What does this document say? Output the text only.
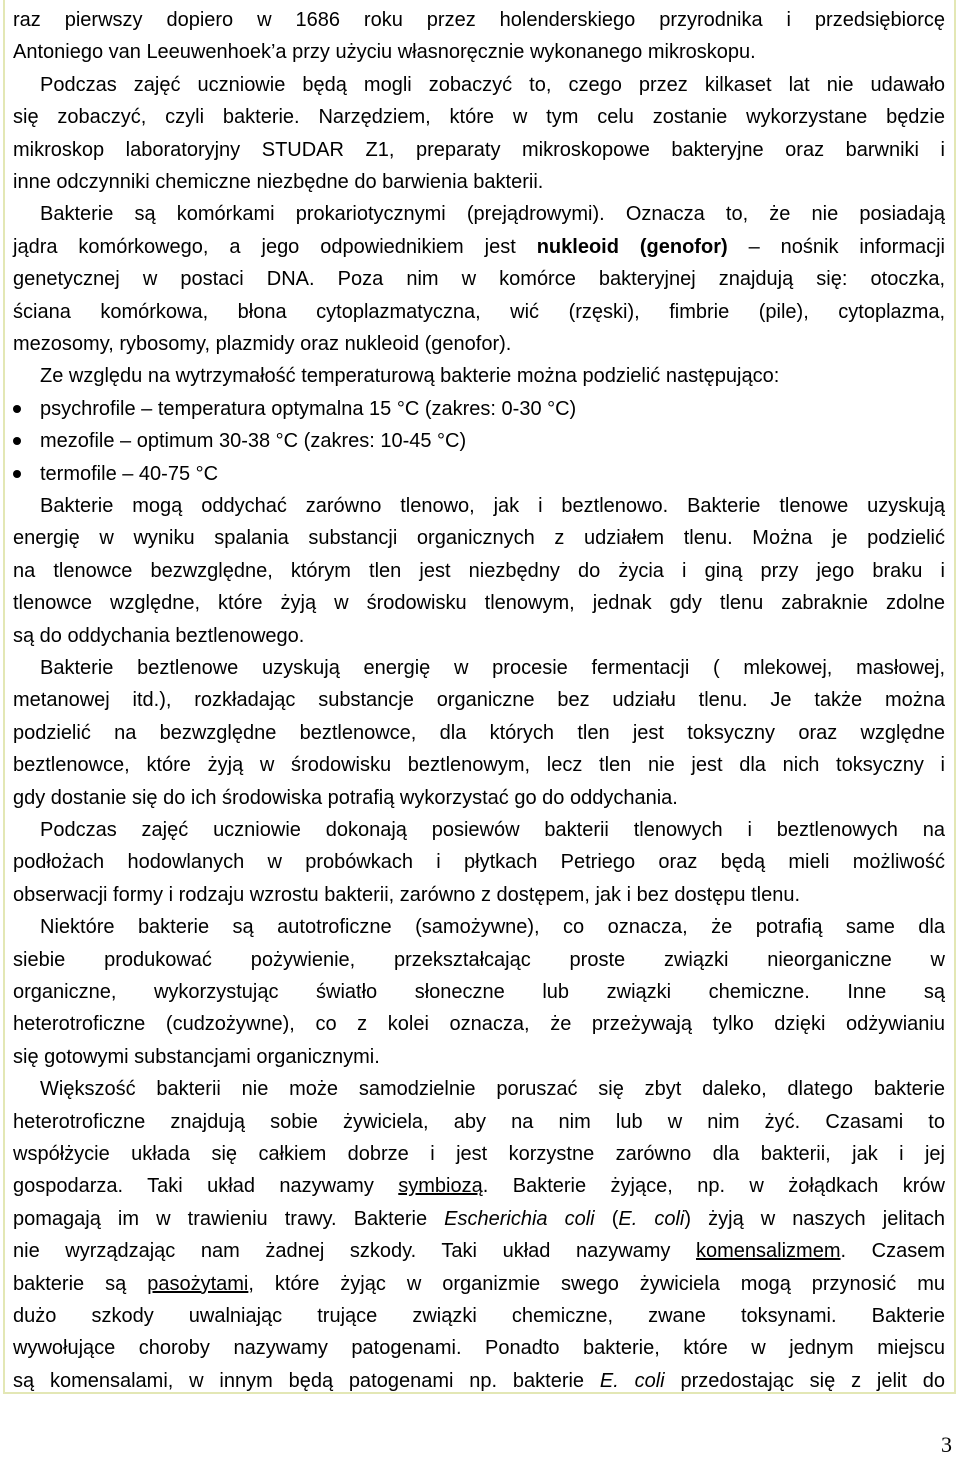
raz pierwszy dopiero w 1686 roku przez holenderskiego przyrodnika i przedsiębiorcę
Antoniego van Leeuwenhoek’a przy użyciu własnoręcznie wykonanego mikroskopu.
Podczas zajęć uczniowie będą mogli zobaczyć to, czego przez kilkaset lat nie udawało
się zobaczyć, czyli bakterie. Narzędziem, które w tym celu zostanie wykorzystane będzie
mikroskop laboratoryjny STUDAR Z1, preparaty mikroskopowe bakteryjne oraz barwniki i
inne odczynniki chemiczne niezbędne do barwienia bakterii.
Bakterie są komórkami prokariotycznymi (prejądrowymi). Oznacza to, że nie posiadają
jądra komórkowego, a jego odpowiednikiem jest nukleoid (genofor) – nośnik informacji
genetycznej w postaci DNA. Poza nim w komórce bakteryjnej znajdują się: otoczka,
ściana komórkowa, błona cytoplazmatyczna, wić (rzęski), fimbrie (pile), cytoplazma,
mezosomy, rybosomy, plazmidy oraz nukleoid (genofor).
Ze względu na wytrzymałość temperaturową bakterie można podzielić następująco:
psychrofile – temperatura optymalna 15 °C (zakres: 0-30 °C)
mezofile – optimum 30-38 °C (zakres: 10-45 °C)
termofile – 40-75 °C
Bakterie mogą oddychać zarówno tlenowo, jak i beztlenowo. Bakterie tlenowe uzyskują
energię w wyniku spalania substancji organicznych z udziałem tlenu. Można je podzielić
na tlenowce bezwzględne, którym tlen jest niezbędny do życia i giną przy jego braku i
tlenowce względne, które żyją w środowisku tlenowym, jednak gdy tlenu zabraknie zdolne
są do oddychania beztlenowego.
Bakterie beztlenowe uzyskują energię w procesie fermentacji ( mlekowej, masłowej,
metanowej itd.), rozkładając substancje organiczne bez udziału tlenu. Je także można
podzielić na bezwzględne beztlenowce, dla których tlen jest toksyczny oraz względne
beztlenowce, które żyją w środowisku beztlenowym, lecz tlen nie jest dla nich toksyczny i
gdy dostanie się do ich środowiska potrafią wykorzystać go do oddychania.
Podczas zajęć uczniowie dokonają posiewów bakterii tlenowych i beztlenowych na
podłożach hodowlanych w probówkach i płytkach Petriego oraz będą mieli możliwość
obserwacji formy i rodzaju wzrostu bakterii, zarówno z dostępem, jak i bez dostępu tlenu.
Niektóre bakterie są autotroficzne (samożywne), co oznacza, że potrafią same dla
siebie produkować pożywienie, przekształcając proste związki nieorganiczne w
organiczne, wykorzystując światło słoneczne lub związki chemiczne. Inne są
heterotroficzne (cudzożywne), co z kolei oznacza, że przeżywają tylko dzięki odżywianiu
się gotowymi substancjami organicznymi.
Większość bakterii nie może samodzielnie poruszać się zbyt daleko, dlatego bakterie
heterotroficzne znajdują sobie żywiciela, aby na nim lub w nim żyć. Czasami to
współżycie układa się całkiem dobrze i jest korzystne zarówno dla bakterii, jak i jej
gospodarza. Taki układ nazywamy symbiozą. Bakterie żyjące, np. w żołądkach krów
pomagają im w trawieniu trawy. Bakterie Escherichia coli (E. coli) żyją w naszych jelitach
nie wyrządzając nam żadnej szkody. Taki układ nazywamy komensalizmem. Czasem
bakterie są pasożytami, które żyjąc w organizmie swego żywiciela mogą przynosić mu
dużo szkody uwalniając trujące związki chemiczne, zwane toksynami. Bakterie
wywołujące choroby nazywamy patogenami. Ponadto bakterie, które w jednym miejscu
są komensalami, w innym będą patogenami np. bakterie E. coli przedostając się z jelit do
3
